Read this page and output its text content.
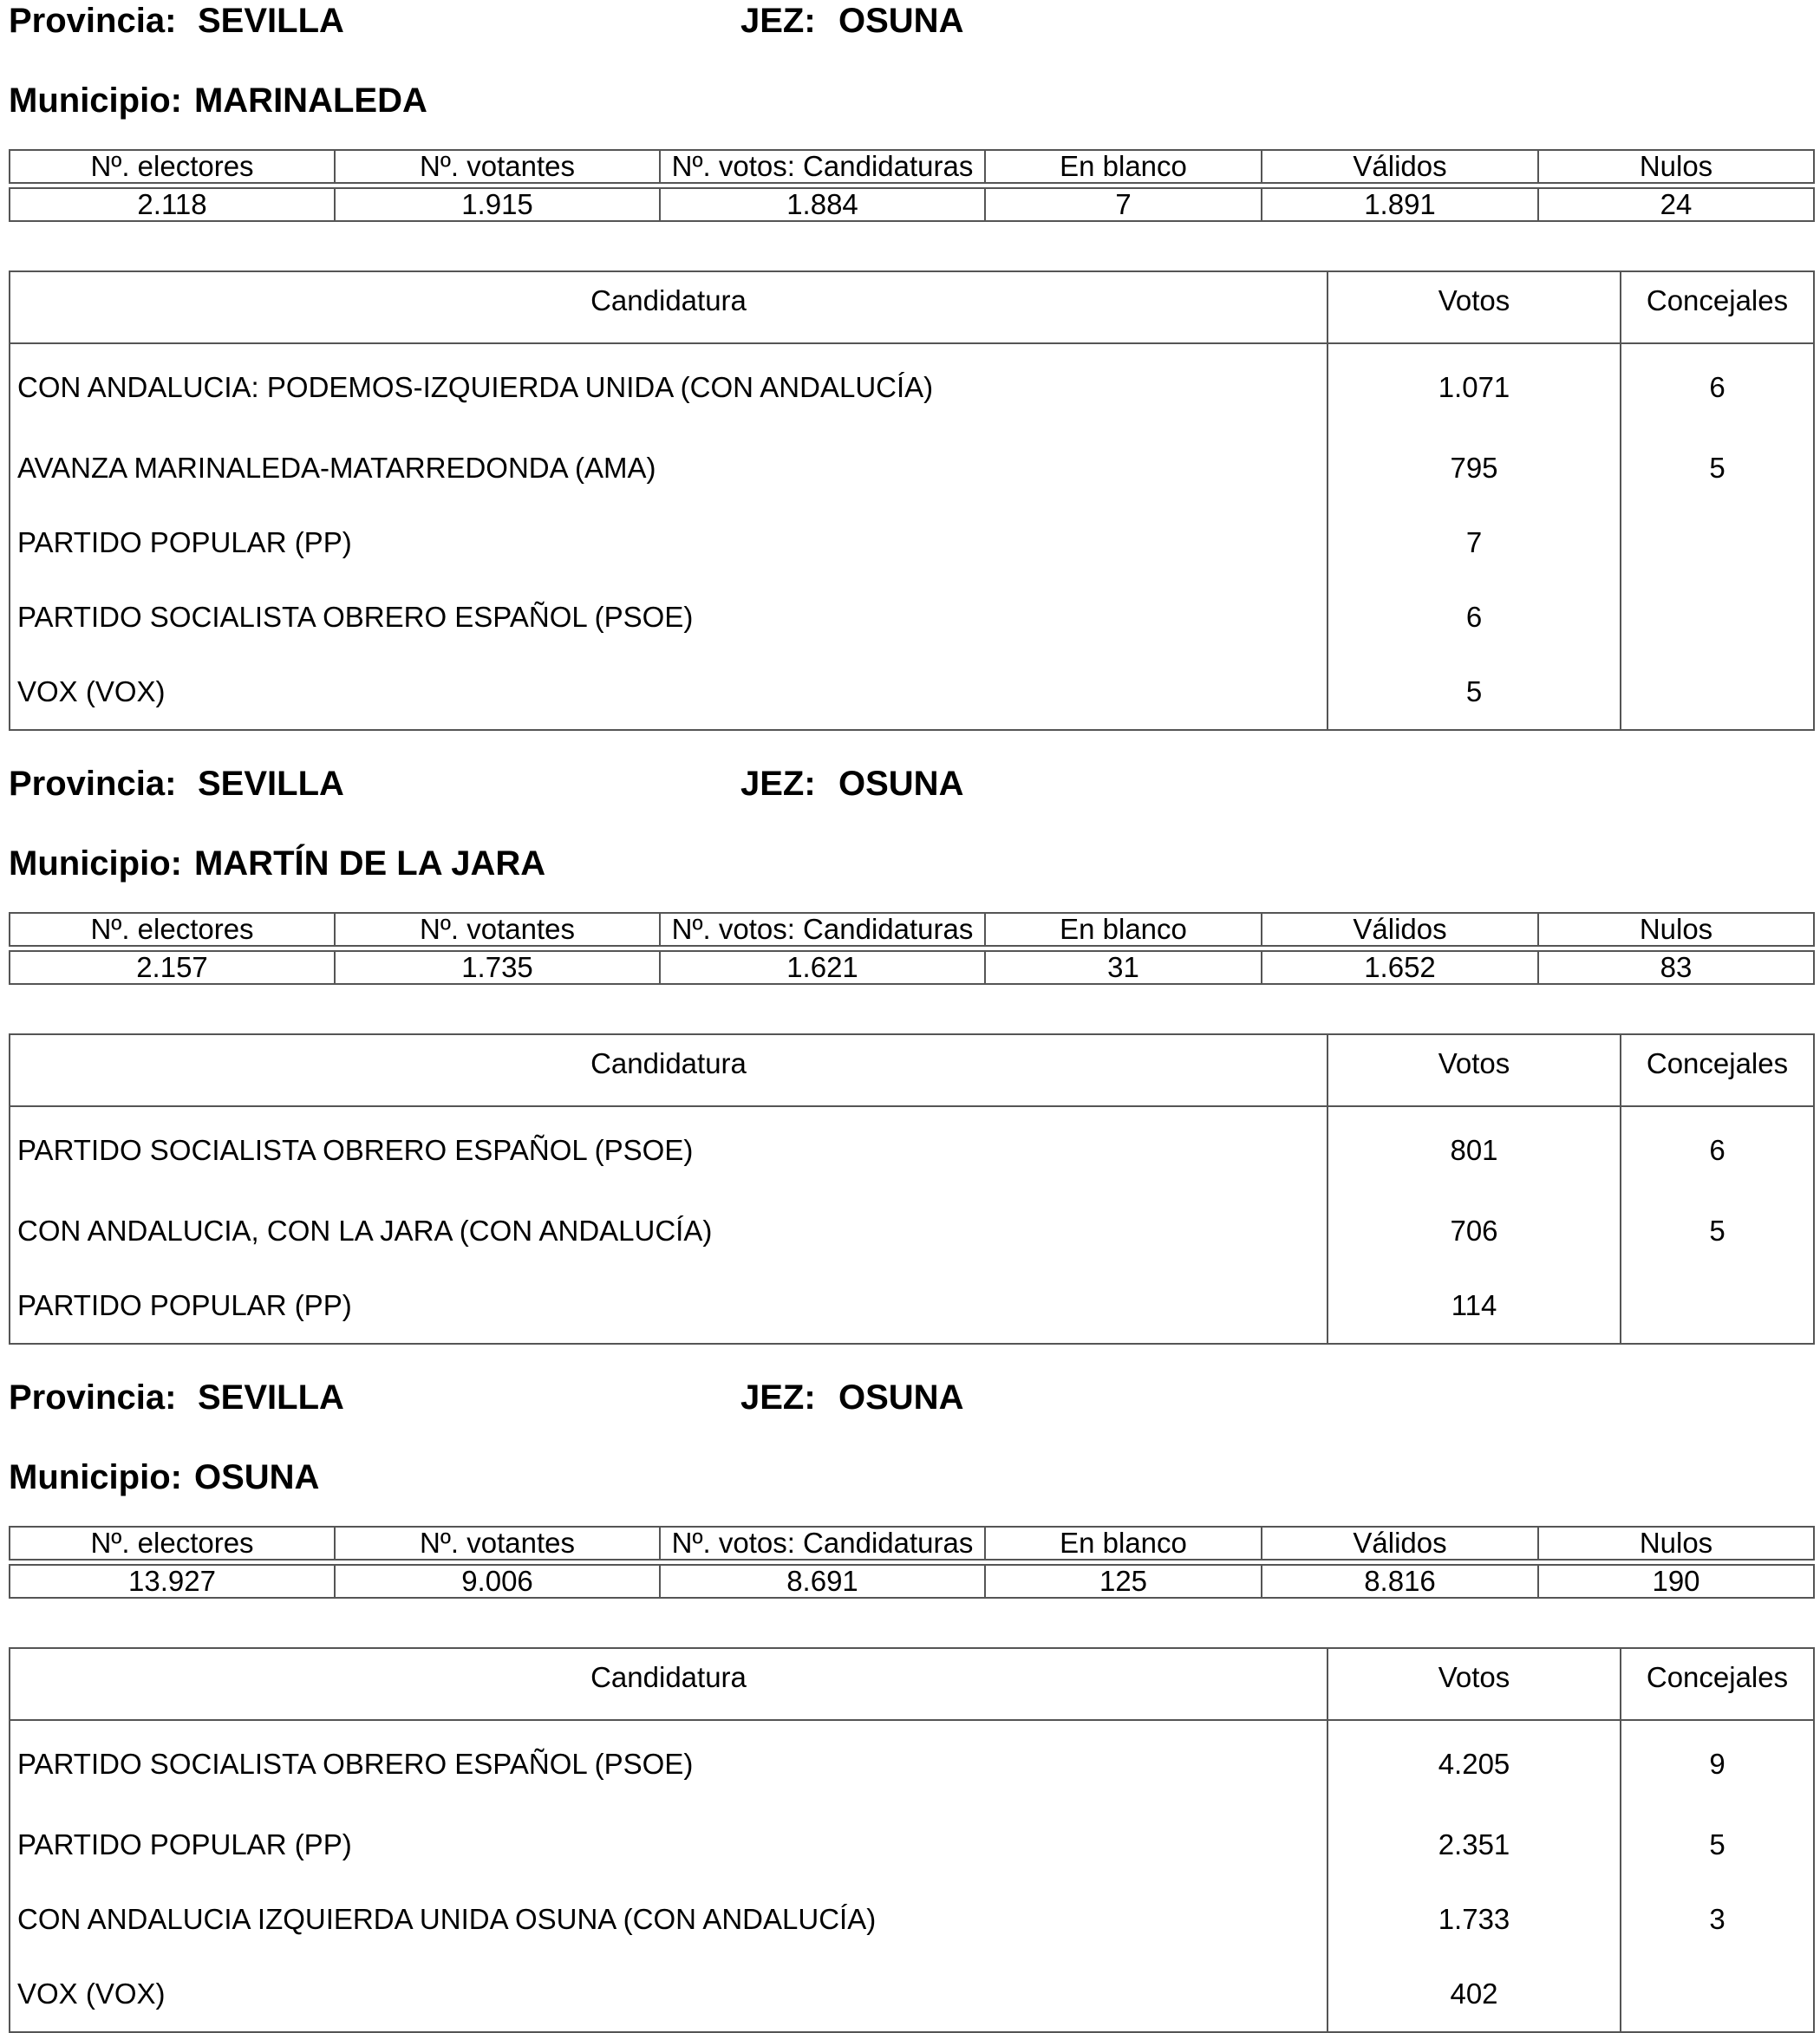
Provincia: SEVILLA	JEZ: OSUNA
Municipio: MARINALEDA
Nº. electores	Nº. votantes	Nº. votos: Candidaturas	En blanco	Válidos	Nulos

2.118	1.915	1.884	7	1.891	24
Candidatura	Votos	Concejales
CON ANDALUCIA: PODEMOS-IZQUIERDA UNIDA (CON ANDALUCÍA)	1.071	6
AVANZA MARINALEDA-MATARREDONDA (AMA)	795	5
PARTIDO POPULAR (PP)	7	
PARTIDO SOCIALISTA OBRERO ESPAÑOL (PSOE)	6	
VOX (VOX)	5	
Provincia: SEVILLA	JEZ: OSUNA
Municipio: MARTÍN DE LA JARA
Nº. electores	Nº. votantes	Nº. votos: Candidaturas	En blanco	Válidos	Nulos

2.157	1.735	1.621	31	1.652	83
Candidatura	Votos	Concejales
PARTIDO SOCIALISTA OBRERO ESPAÑOL (PSOE)	801	6
CON ANDALUCIA, CON LA JARA (CON ANDALUCÍA)	706	5
PARTIDO POPULAR (PP)	114	
Provincia: SEVILLA	JEZ: OSUNA
Municipio: OSUNA
Nº. electores	Nº. votantes	Nº. votos: Candidaturas	En blanco	Válidos	Nulos

13.927	9.006	8.691	125	8.816	190
Candidatura	Votos	Concejales
PARTIDO SOCIALISTA OBRERO ESPAÑOL (PSOE)	4.205	9
PARTIDO POPULAR (PP)	2.351	5
CON ANDALUCIA IZQUIERDA UNIDA OSUNA (CON ANDALUCÍA)	1.733	3
VOX (VOX)	402	
